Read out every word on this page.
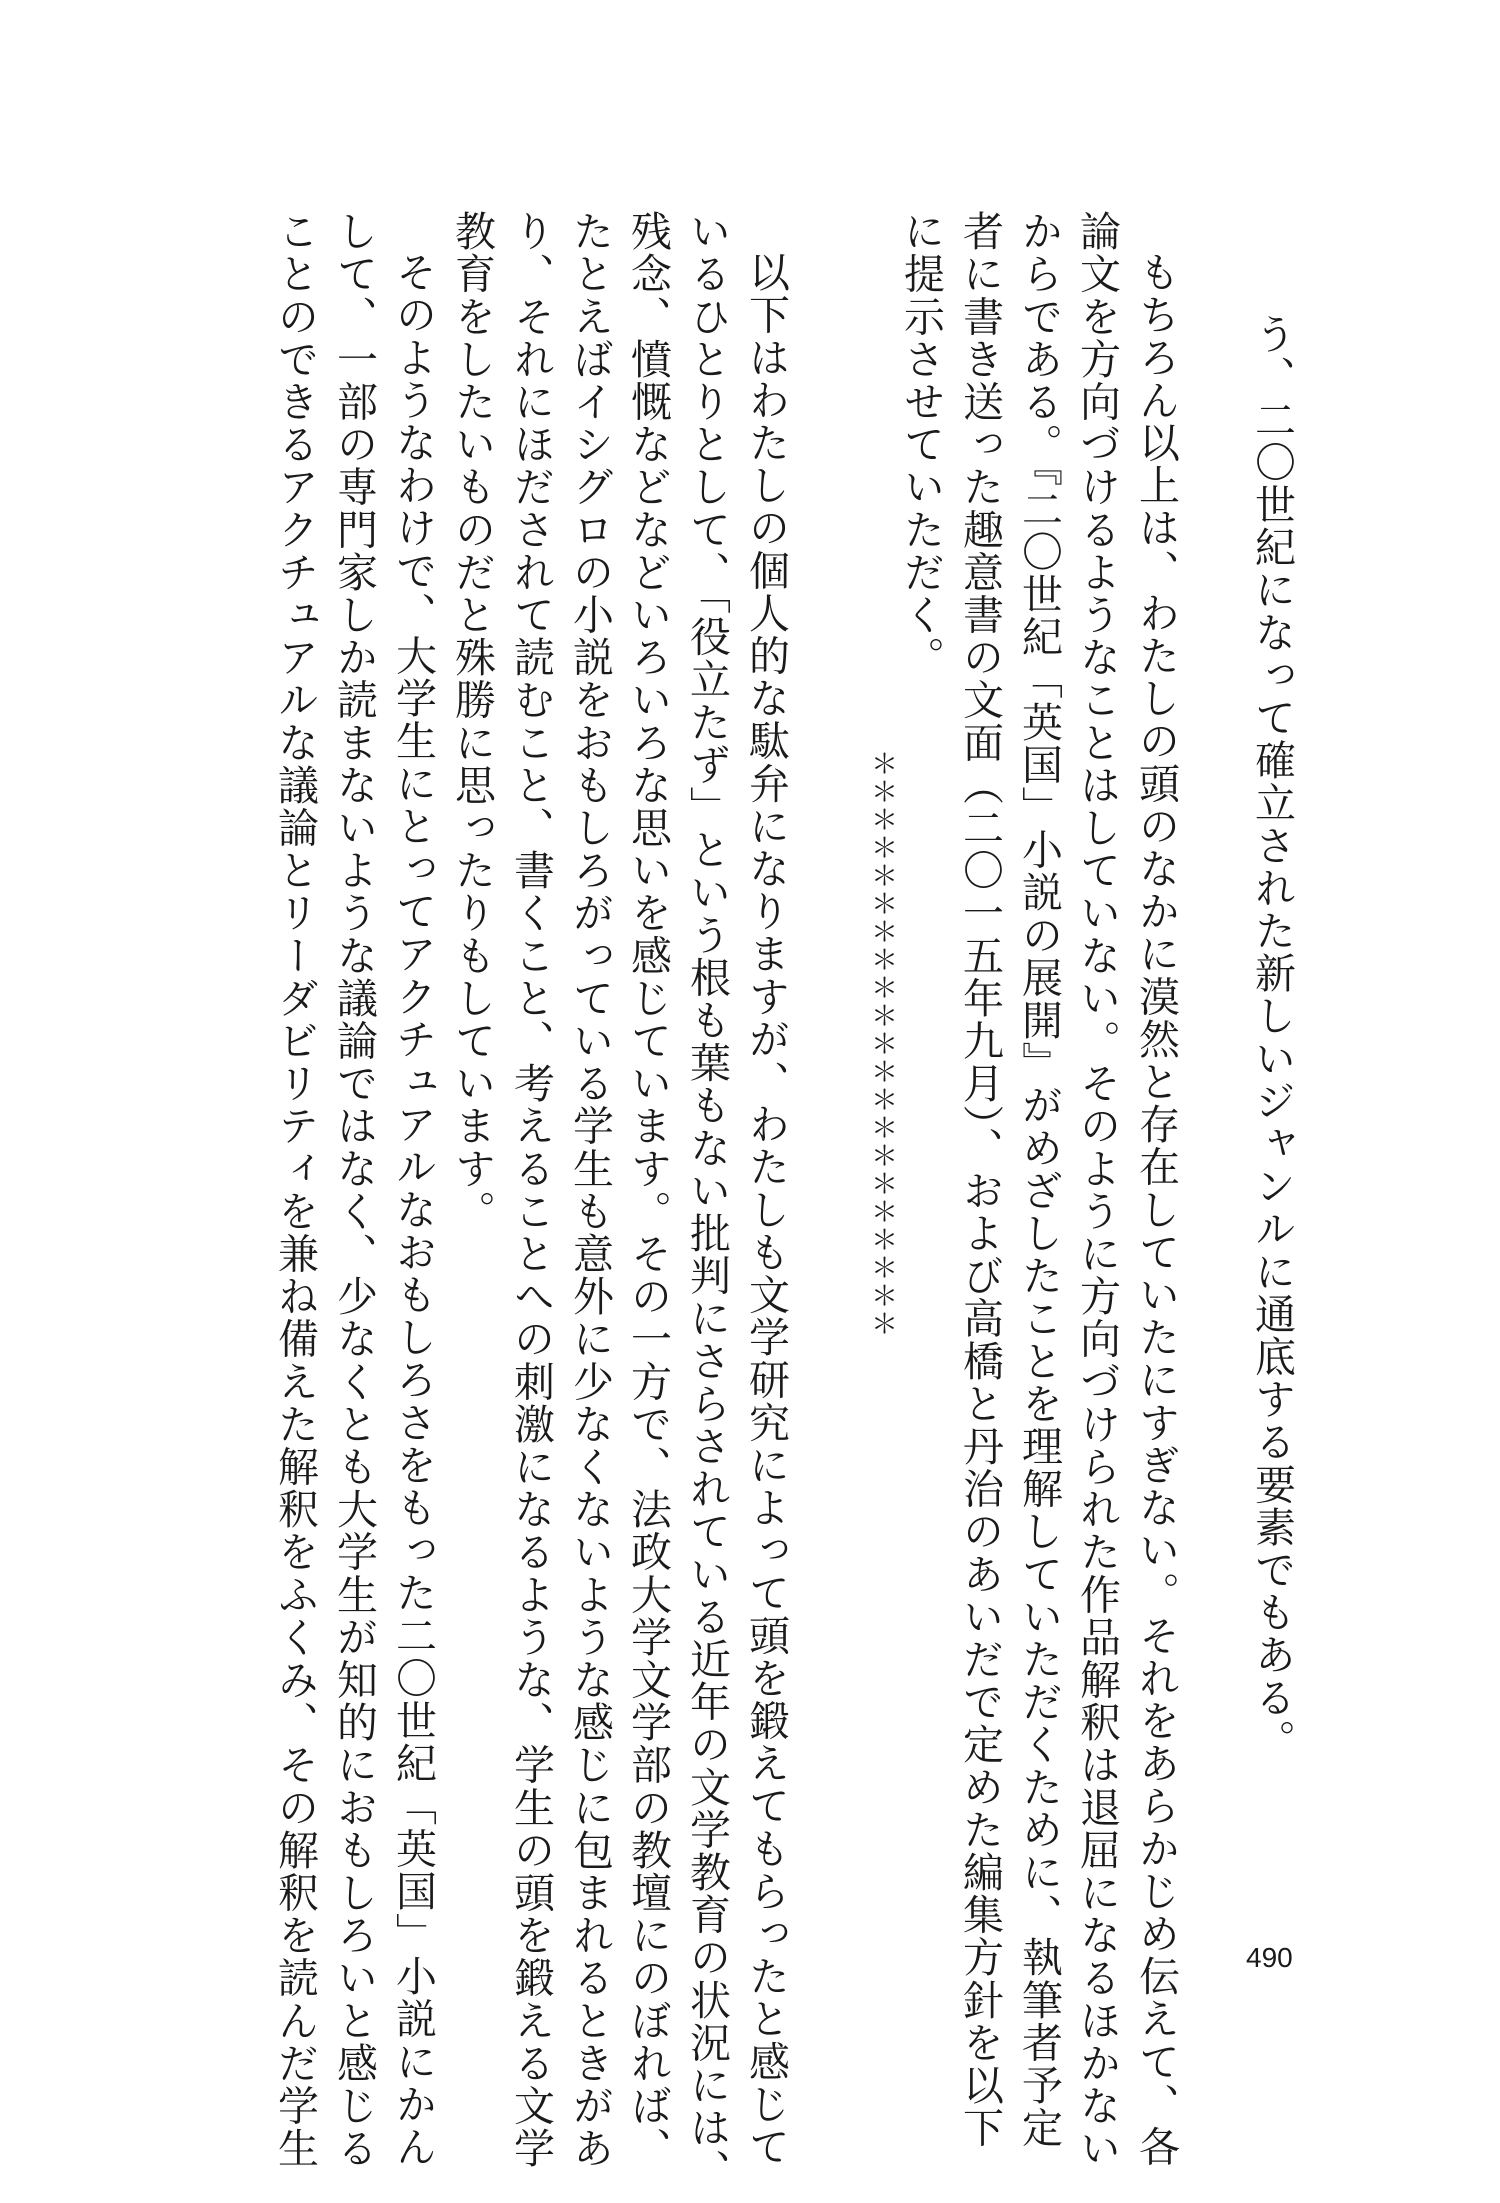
う、二〇世紀になって確立された新しいジャンルに通底する要素でもある。
もちろん以上は、わたしの頭のなかに漠然と存在していたにすぎない。それをあらかじめ伝えて、各
論文を方向づけるようなことはしていない。そのように方向づけられた作品解釈は退屈になるほかない
からである。『二〇世紀「英国」小説の展開』がめざしたことを理解していただくために、執筆者予定
者に書き送った趣意書の文面（二〇一五年九月）、および高橋と丹治のあいだで定めた編集方針を以下
に提示させていただく。
＊＊＊＊＊＊＊＊＊＊＊＊＊＊＊＊＊＊＊＊＊
以下はわたしの個人的な駄弁になりますが、わたしも文学研究によって頭を鍛えてもらったと感じて
いるひとりとして、「役立たず」という根も葉もない批判にさらされている近年の文学教育の状況には、
残念、憤慨などなどいろいろな思いを感じています。その一方で、法政大学文学部の教壇にのぼれば、
たとえばイシグロの小説をおもしろがっている学生も意外に少なくないような感じに包まれるときがあ
り、それにほだされて読むこと、書くこと、考えることへの刺激になるような、学生の頭を鍛える文学
教育をしたいものだと殊勝に思ったりもしています。
そのようなわけで、大学生にとってアクチュアルなおもしろさをもった二〇世紀「英国」小説にかん
して、一部の専門家しか読まないような議論ではなく、少なくとも大学生が知的におもしろいと感じる
ことのできるアクチュアルな議論とリーダビリティを兼ね備えた解釈をふくみ、その解釈を読んだ学生	490
